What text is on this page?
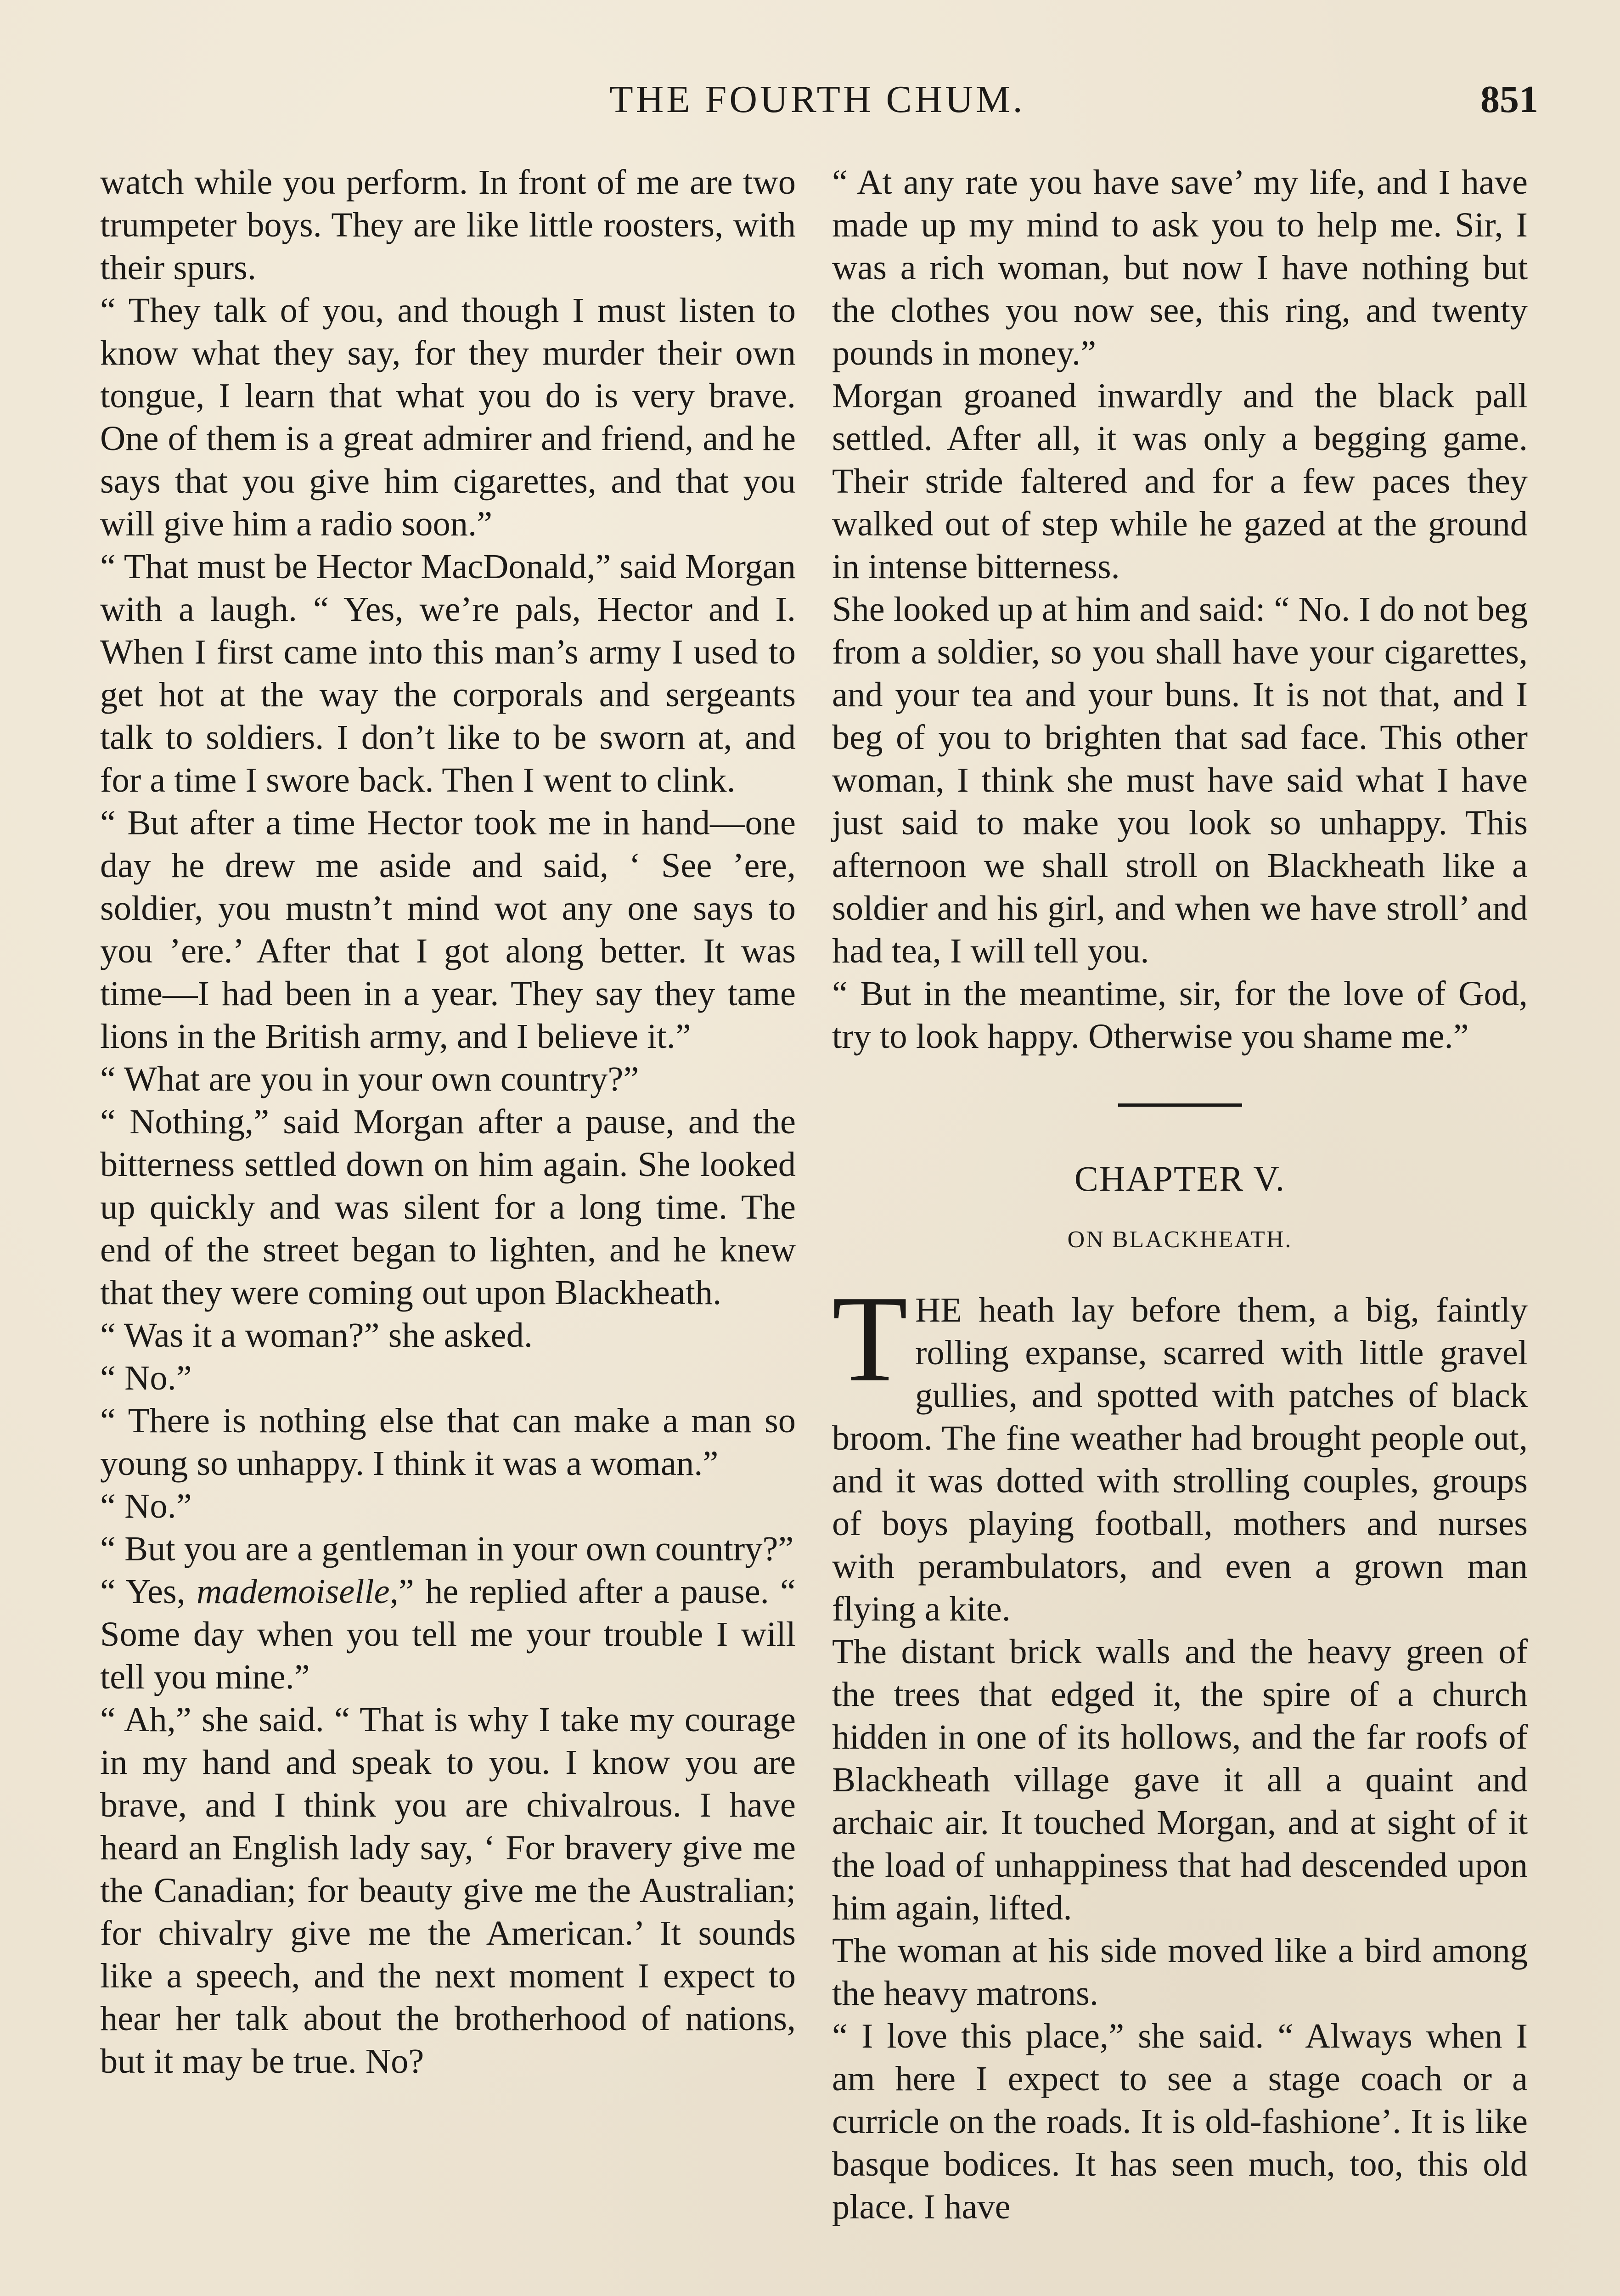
THE FOURTH CHUM.	851

watch while you perform. In front of me are two trumpeter boys. They are like little roosters, with their spurs.

“ They talk of you, and though I must listen to know what they say, for they murder their own tongue, I learn that what you do is very brave. One of them is a great admirer and friend, and he says that you give him cigarettes, and that you will give him a radio soon.”

“ That must be Hector MacDonald,” said Morgan with a laugh. “ Yes, we’re pals, Hector and I. When I first came into this man’s army I used to get hot at the way the corporals and sergeants talk to soldiers. I don’t like to be sworn at, and for a time I swore back. Then I went to clink.

“ But after a time Hector took me in hand—one day he drew me aside and said, ‘ See ’ere, soldier, you mustn’t mind wot any one says to you ’ere.’ After that I got along better. It was time—I had been in a year. They say they tame lions in the British army, and I believe it.”

“ What are you in your own country?”

“ Nothing,” said Morgan after a pause, and the bitterness settled down on him again. She looked up quickly and was silent for a long time. The end of the street began to lighten, and he knew that they were coming out upon Blackheath.

“ Was it a woman?” she asked.

“ No.”

“ There is nothing else that can make a man so young so unhappy. I think it was a woman.”

“ No.”

“ But you are a gentleman in your own country?”

“ Yes, mademoiselle,” he replied after a pause. “ Some day when you tell me your trouble I will tell you mine.”

“ Ah,” she said. “ That is why I take my courage in my hand and speak to you. I know you are brave, and I think you are chivalrous. I have heard an English lady say, ‘ For bravery give me the Canadian; for beauty give me the Australian; for chivalry give me the American.’ It sounds like a speech, and the next moment I expect to hear her talk about the brotherhood of nations, but it may be true. No?

“ At any rate you have save’ my life, and I have made up my mind to ask you to help me. Sir, I was a rich woman, but now I have nothing but the clothes you now see, this ring, and twenty pounds in money.”

Morgan groaned inwardly and the black pall settled. After all, it was only a begging game. Their stride faltered and for a few paces they walked out of step while he gazed at the ground in intense bitterness.

She looked up at him and said: “ No. I do not beg from a soldier, so you shall have your cigarettes, and your tea and your buns. It is not that, and I beg of you to brighten that sad face. This other woman, I think she must have said what I have just said to make you look so unhappy. This afternoon we shall stroll on Blackheath like a soldier and his girl, and when we have stroll’ and had tea, I will tell you.

“ But in the meantime, sir, for the love of God, try to look happy. Otherwise you shame me.”

CHAPTER V.
ON BLACKHEATH.

THE heath lay before them, a big, faintly rolling expanse, scarred with little gravel gullies, and spotted with patches of black broom. The fine weather had brought people out, and it was dotted with strolling couples, groups of boys playing football, mothers and nurses with perambulators, and even a grown man flying a kite.

The distant brick walls and the heavy green of the trees that edged it, the spire of a church hidden in one of its hollows, and the far roofs of Blackheath village gave it all a quaint and archaic air. It touched Morgan, and at sight of it the load of unhappiness that had descended upon him again, lifted.

The woman at his side moved like a bird among the heavy matrons.

“ I love this place,” she said. “ Always when I am here I expect to see a stage coach or a curricle on the roads. It is old-fashione’. It is like basque bodices. It has seen much, too, this old place. I have
